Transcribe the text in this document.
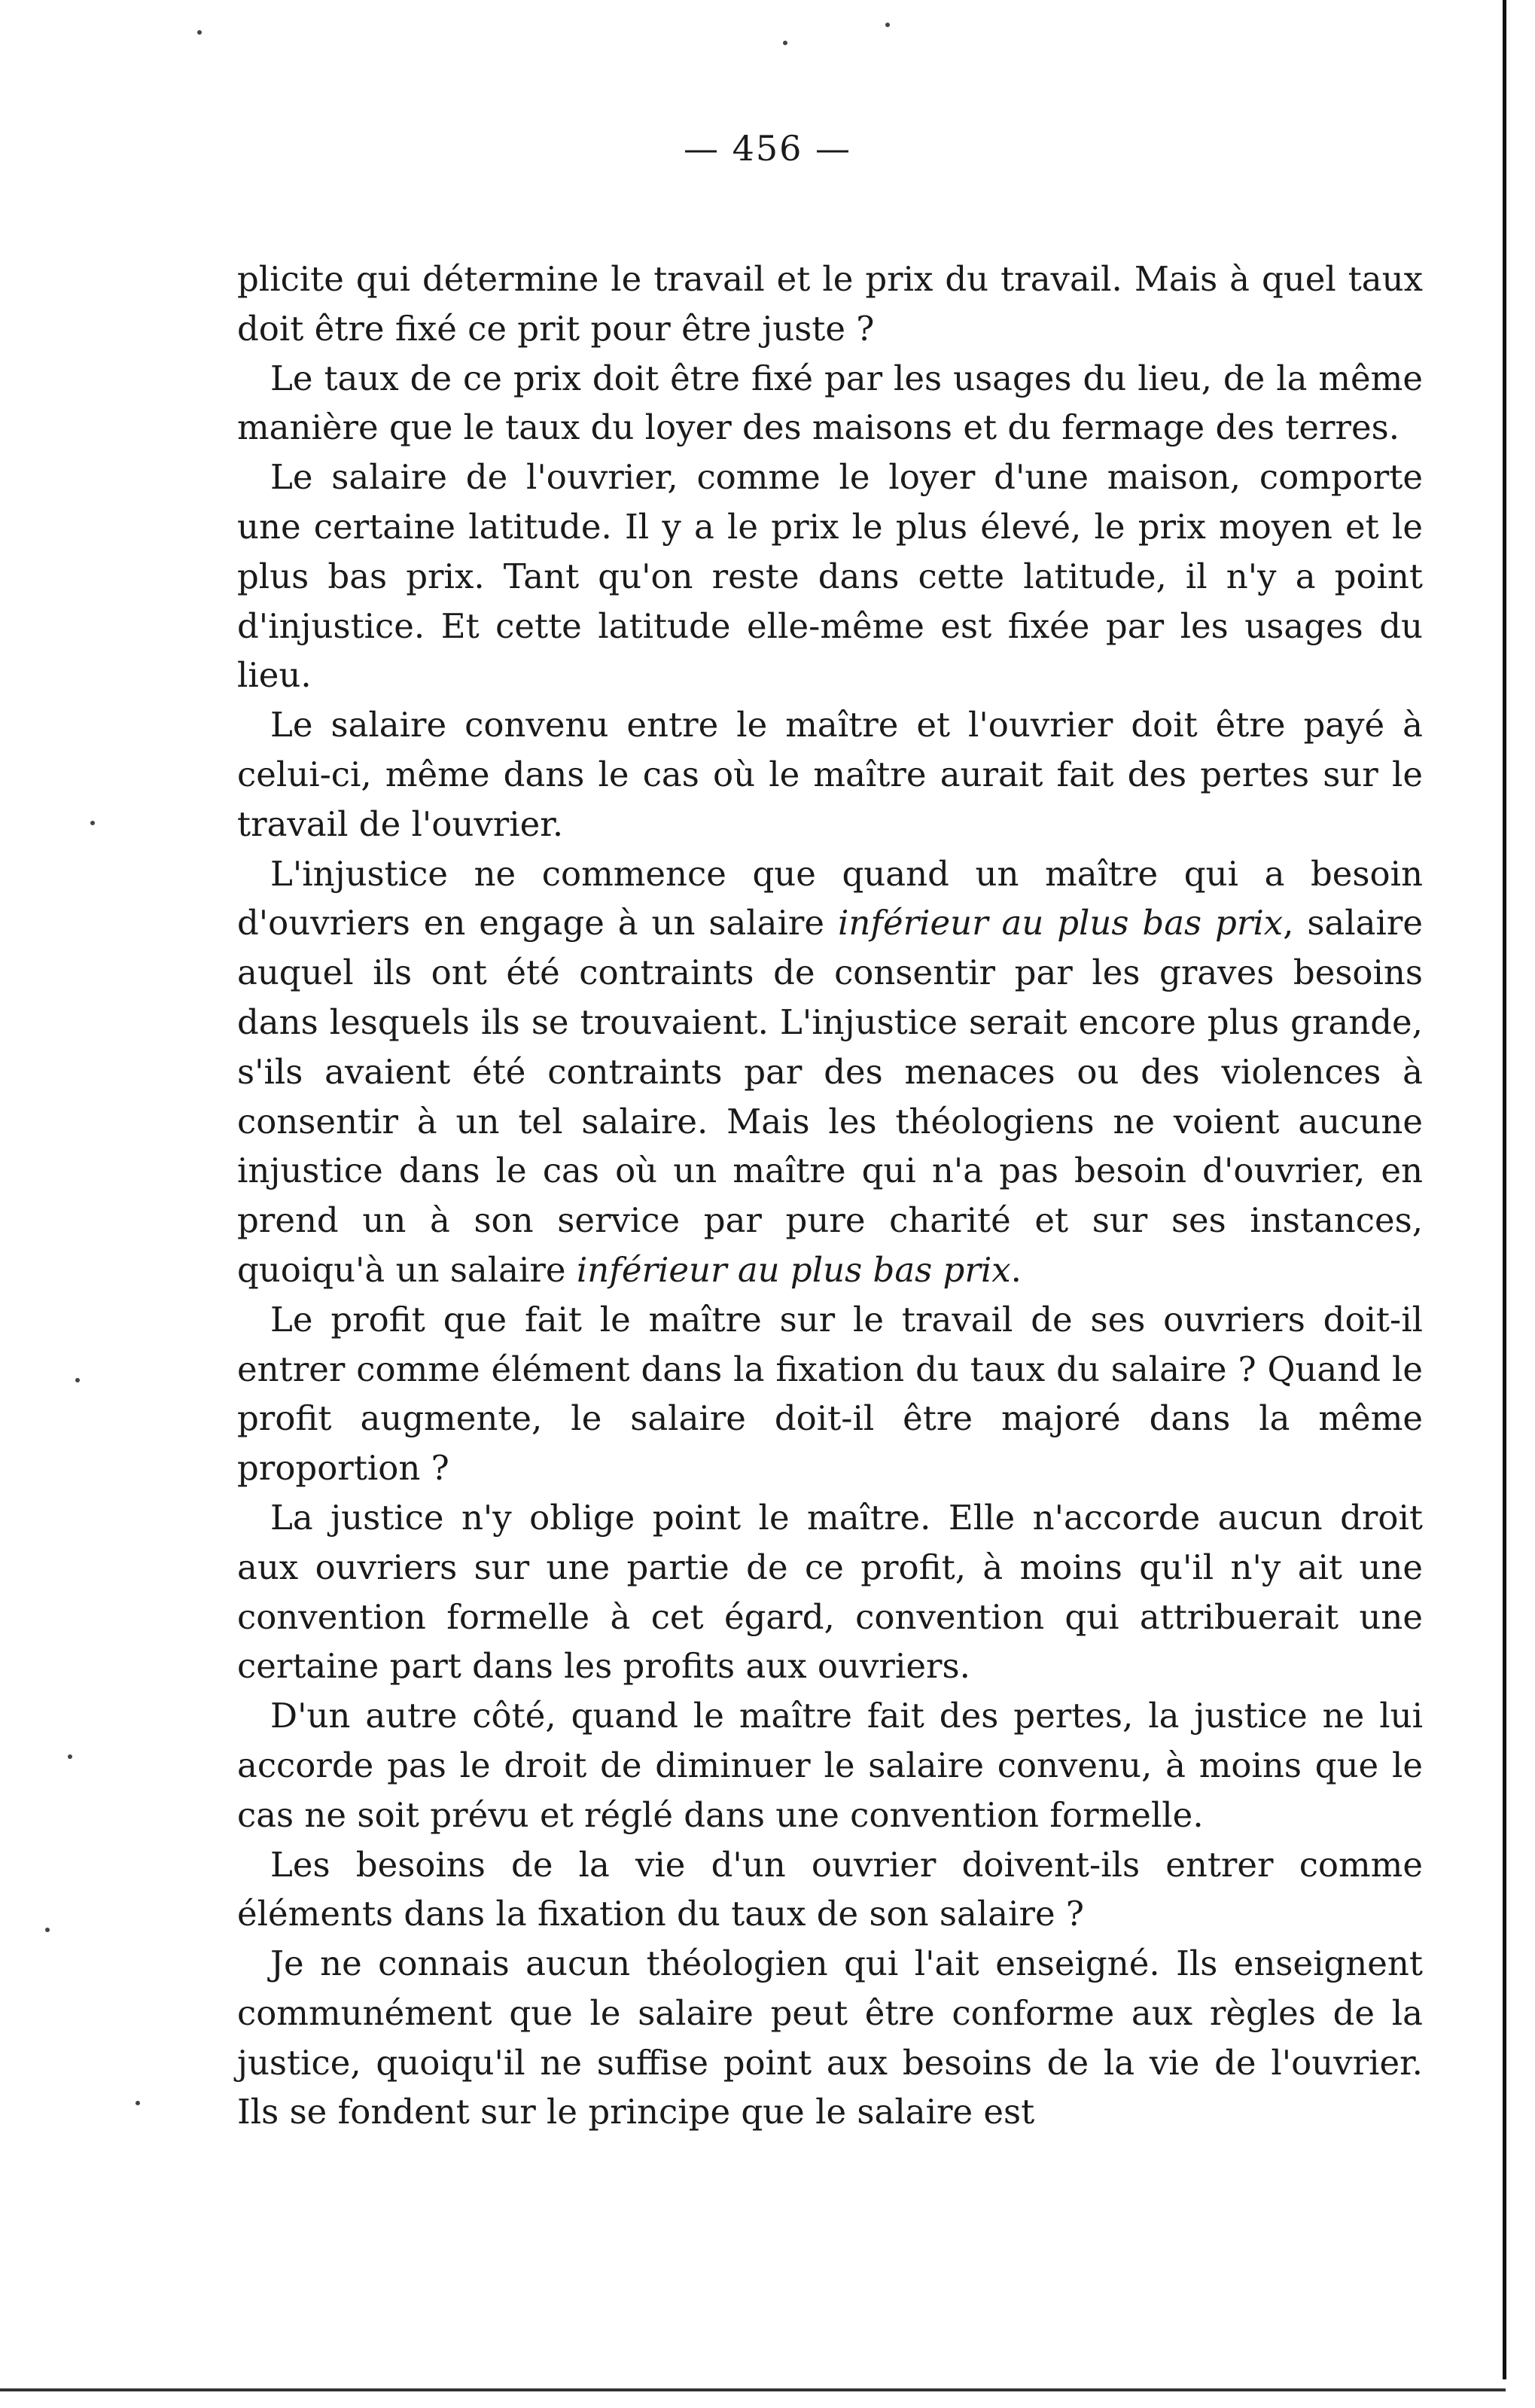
— 456 —

plicite qui détermine le travail et le prix du travail. Mais à quel taux doit être fixé ce prit pour être juste ?

Le taux de ce prix doit être fixé par les usages du lieu, de la même manière que le taux du loyer des maisons et du fermage des terres.

Le salaire de l'ouvrier, comme le loyer d'une maison, comporte une certaine latitude. Il y a le prix le plus élevé, le prix moyen et le plus bas prix. Tant qu'on reste dans cette latitude, il n'y a point d'injustice. Et cette latitude elle-même est fixée par les usages du lieu.

Le salaire convenu entre le maître et l'ouvrier doit être payé à celui-ci, même dans le cas où le maître aurait fait des pertes sur le travail de l'ouvrier.

L'injustice ne commence que quand un maître qui a besoin d'ouvriers en engage à un salaire inférieur au plus bas prix, salaire auquel ils ont été contraints de consentir par les graves besoins dans lesquels ils se trouvaient. L'injustice serait encore plus grande, s'ils avaient été contraints par des menaces ou des violences à consentir à un tel salaire. Mais les théologiens ne voient aucune injustice dans le cas où un maître qui n'a pas besoin d'ouvrier, en prend un à son service par pure charité et sur ses instances, quoiqu'à un salaire inférieur au plus bas prix.

Le profit que fait le maître sur le travail de ses ouvriers doit-il entrer comme élément dans la fixation du taux du salaire ? Quand le profit augmente, le salaire doit-il être majoré dans la même proportion ?

La justice n'y oblige point le maître. Elle n'accorde aucun droit aux ouvriers sur une partie de ce profit, à moins qu'il n'y ait une convention formelle à cet égard, convention qui attribuerait une certaine part dans les profits aux ouvriers.

D'un autre côté, quand le maître fait des pertes, la justice ne lui accorde pas le droit de diminuer le salaire convenu, à moins que le cas ne soit prévu et réglé dans une convention formelle.

Les besoins de la vie d'un ouvrier doivent-ils entrer comme éléments dans la fixation du taux de son salaire ?

Je ne connais aucun théologien qui l'ait enseigné. Ils enseignent communément que le salaire peut être conforme aux règles de la justice, quoiqu'il ne suffise point aux besoins de la vie de l'ouvrier. Ils se fondent sur le principe que le salaire est
